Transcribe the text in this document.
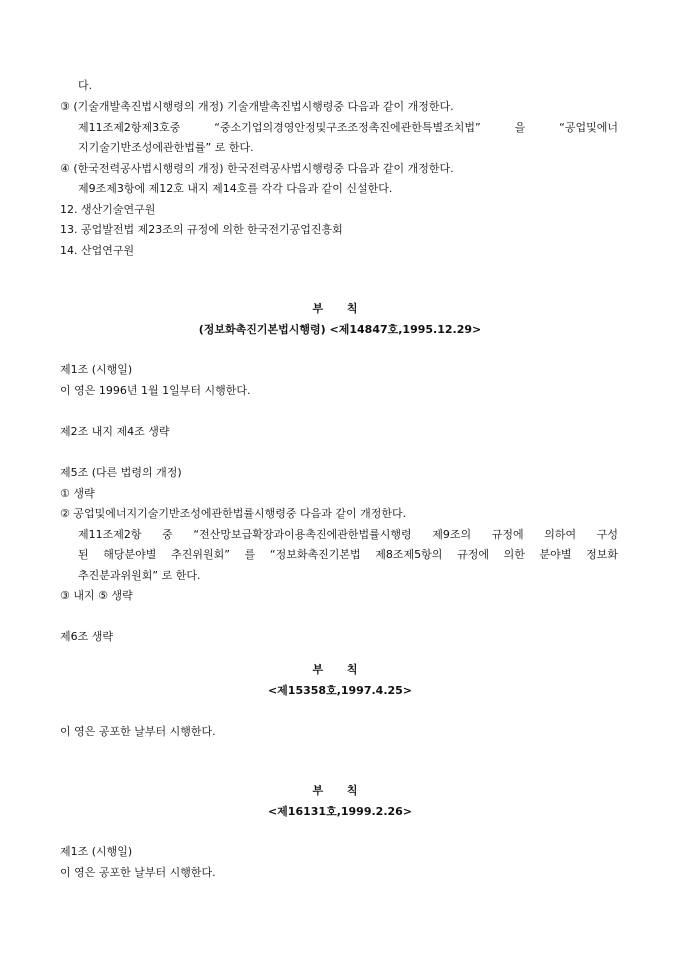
다.
③ (기술개발촉진법시행령의 개정) 기술개발촉진법시행령중 다음과 같이 개정한다.
제11조제2항제3호중 “중소기업의경영안정및구조조정촉진에관한특별조치법” 을 “공업및에너
지기술기반조성에관한법률” 로 한다.
④ (한국전력공사법시행령의 개정) 한국전력공사법시행령중 다음과 같이 개정한다.
제9조제3항에 제12호 내지 제14호를 각각 다음과 같이 신설한다.
12. 생산기술연구원
13. 공업발전법 제23조의 규정에 의한 한국전기공업진흥회
14. 산업연구원
부 칙
(정보화촉진기본법시행령) <제14847호,1995.12.29>
제1조 (시행일)
이 영은 1996년 1월 1일부터 시행한다.
제2조 내지 제4조 생략
제5조 (다른 법령의 개정)
① 생략
② 공업및에너지기술기반조성에관한법률시행령중 다음과 같이 개정한다.
제11조제2항 중 “전산망보급확장과이용촉진에관한법률시행령 제9조의 규정에 의하여 구성
된 해당분야별 추진위원회” 를 “정보화촉진기본법 제8조제5항의 규정에 의한 분야별 정보화
추진분과위원회” 로 한다.
③ 내지 ⑤ 생략
제6조 생략
부 칙
<제15358호,1997.4.25>
이 영은 공포한 날부터 시행한다.
부 칙
<제16131호,1999.2.26>
제1조 (시행일)
이 영은 공포한 날부터 시행한다.
